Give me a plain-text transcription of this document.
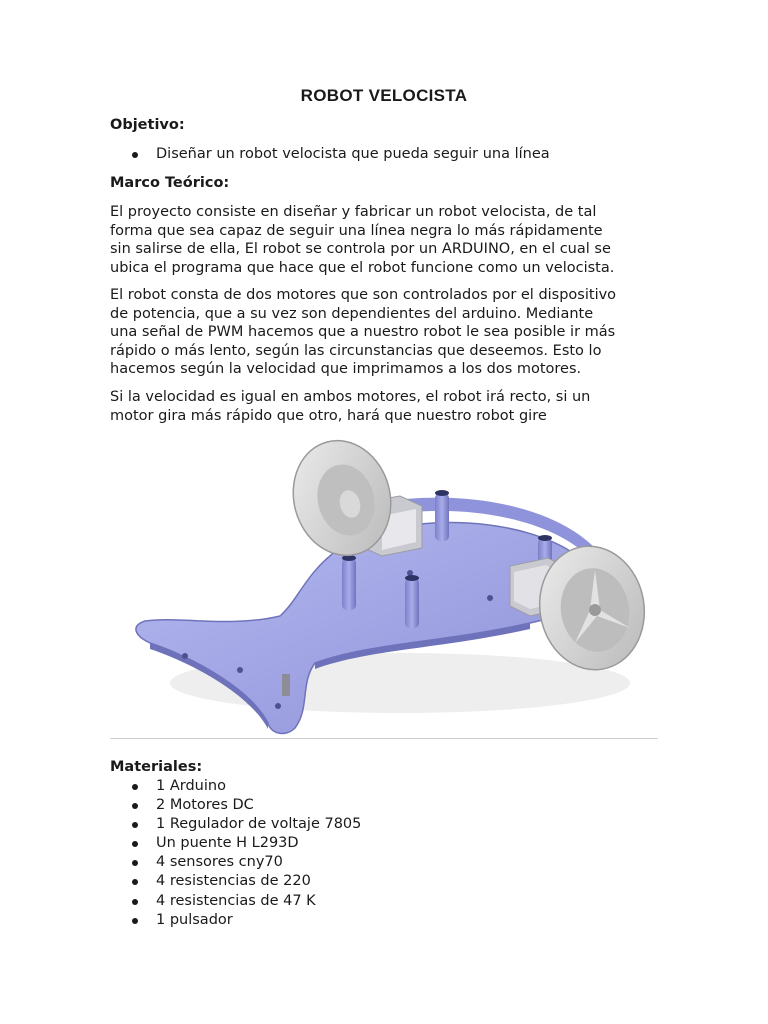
ROBOT VELOCISTA
Objetivo:
Diseñar un robot velocista que pueda seguir una línea
Marco Teórico:
El proyecto consiste en diseñar y fabricar un robot velocista, de tal
forma que sea capaz de seguir una línea negra lo más rápidamente
sin salirse de ella, El robot se controla por un ARDUINO, en el cual se
ubica el programa que hace que el robot funcione como un velocista.
El robot consta de dos motores que son controlados por el dispositivo
de potencia, que a su vez son dependientes del arduino. Mediante
una señal de PWM hacemos que a nuestro robot le sea posible ir más
rápido o más lento, según las circunstancias que deseemos. Esto lo
hacemos según la velocidad que imprimamos a los dos motores.
Si la velocidad es igual en ambos motores, el robot irá recto, si un
motor gira más rápido que otro, hará que nuestro robot gire
Materiales:
1 Arduino
2 Motores DC
1 Regulador de voltaje 7805
Un puente H L293D
4 sensores cny70
4 resistencias de 220
4 resistencias de 47 K
1 pulsador
